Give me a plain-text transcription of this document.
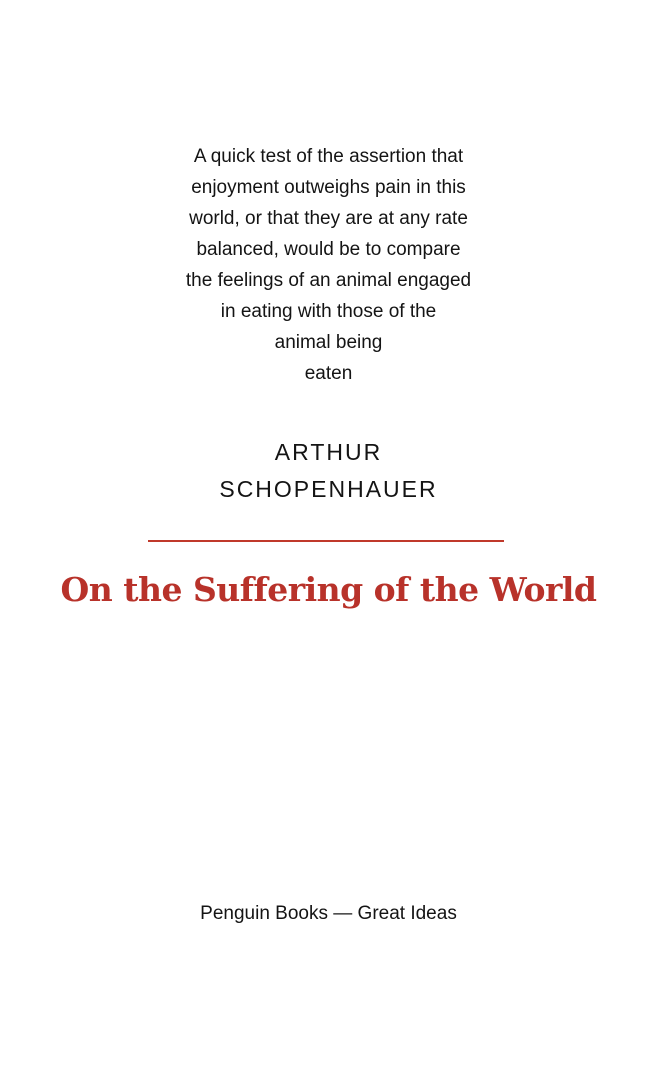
A quick test of the assertion that
enjoyment outweighs pain in this
world, or that they are at any rate
balanced, would be to compare
the feelings of an animal engaged
in eating with those of the
animal being
eaten
ARTHUR
SCHOPENHAUER
On the Suffering of the World
Penguin Books — Great Ideas
